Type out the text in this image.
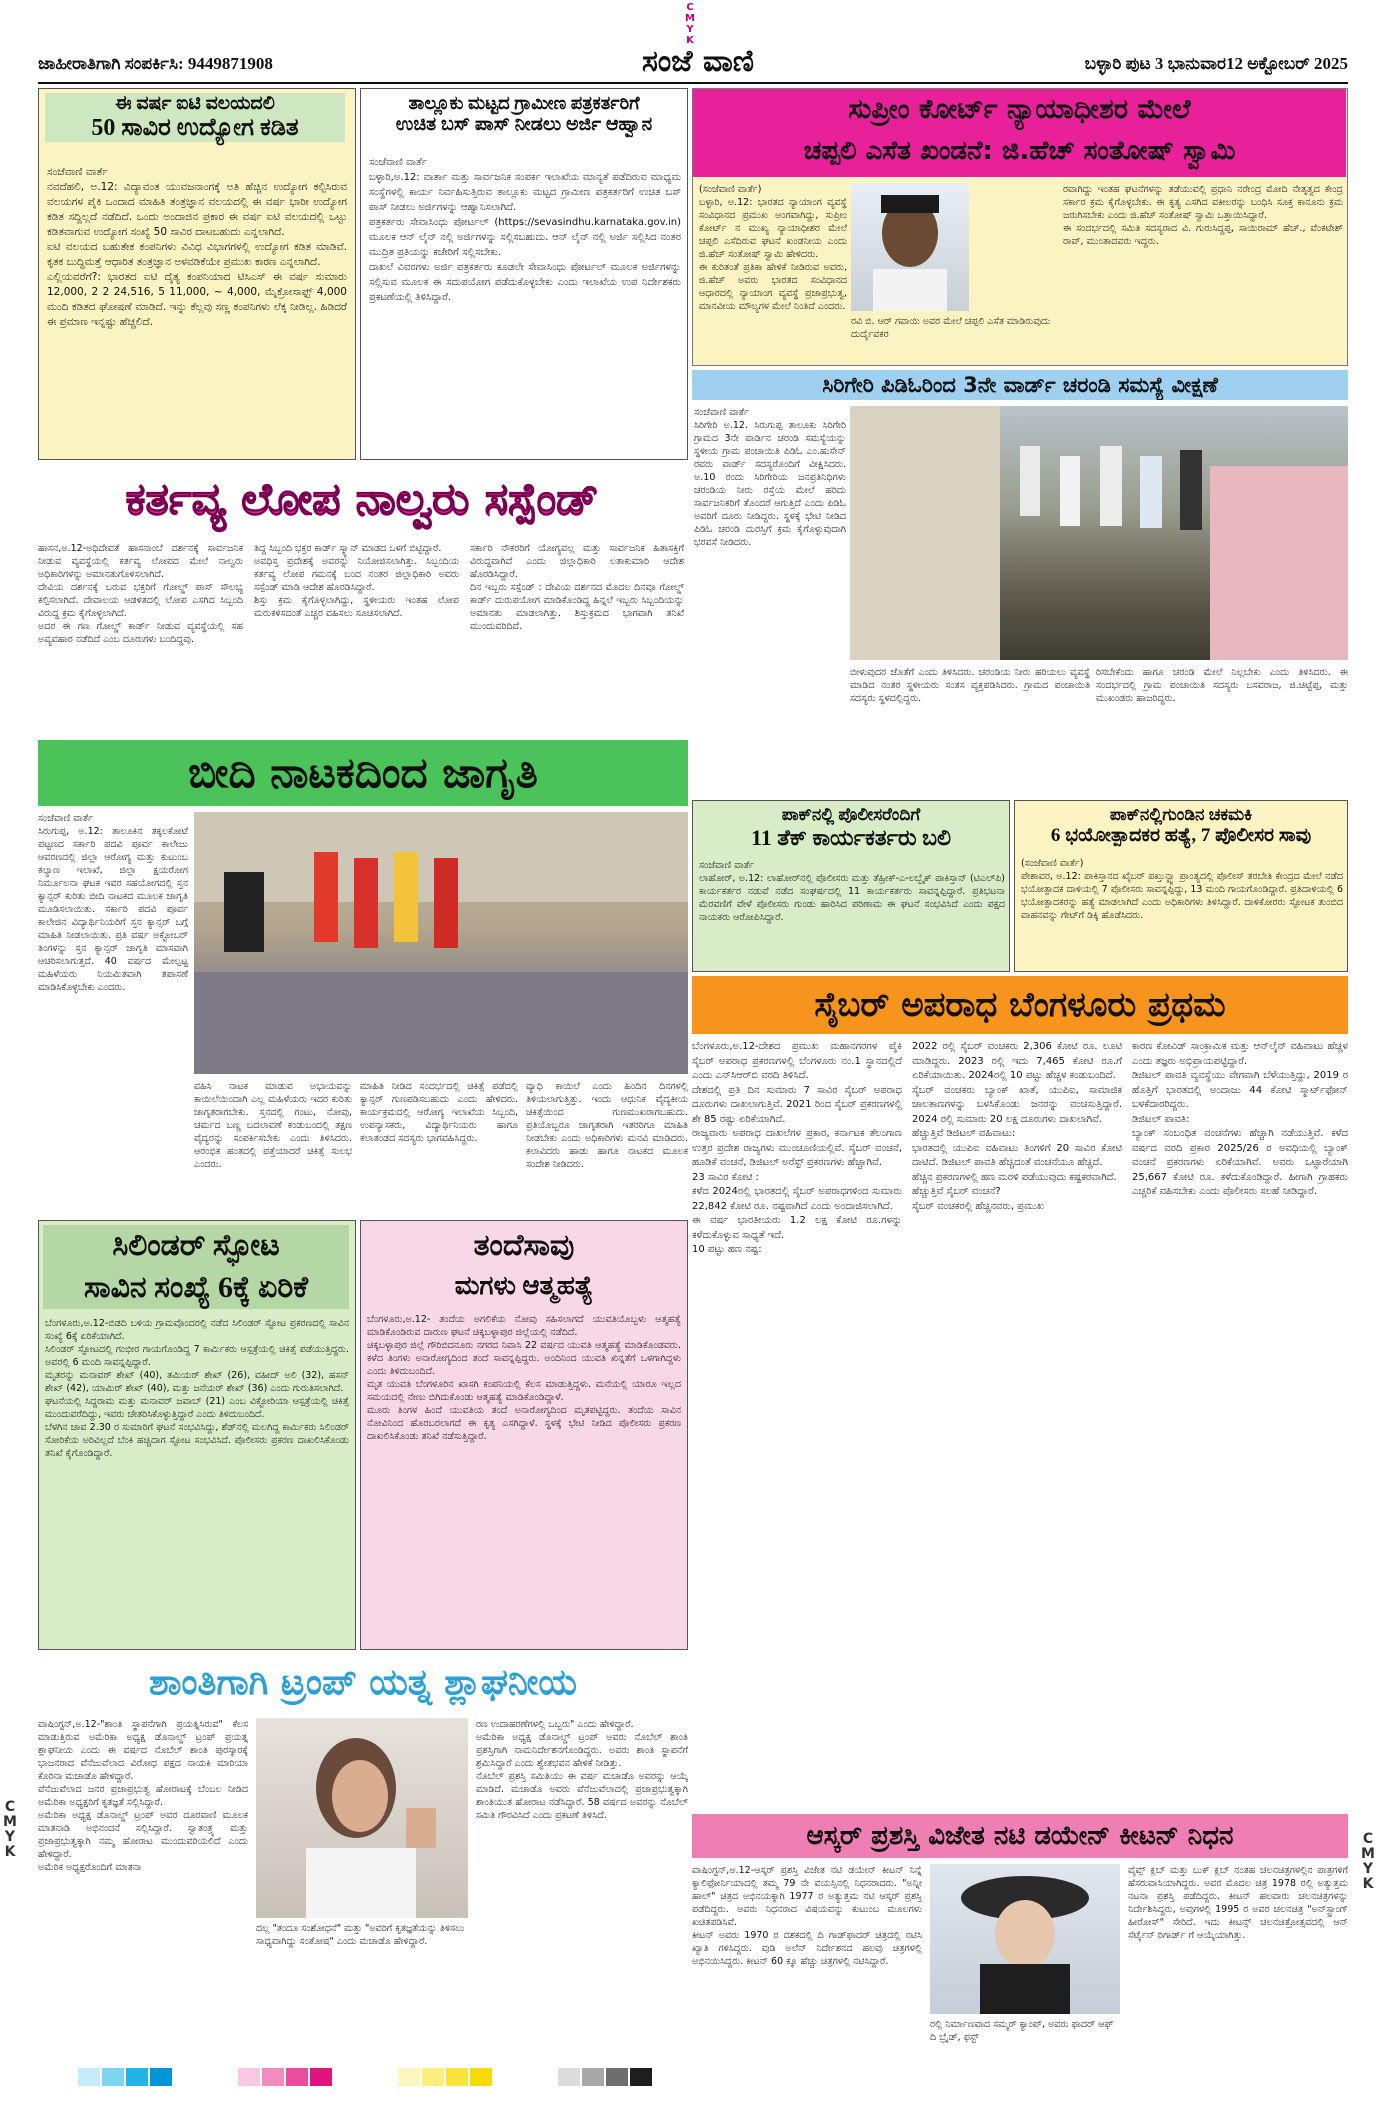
C
M
Y
K
C
M
Y
K
C
M
Y
K
ಜಾಹೀರಾತಿಗಾಗಿ ಸಂಪರ್ಕಿಸಿ: 9449871908	ಸಂಜೆ ವಾಣಿ	ಬಳ್ಳಾರಿ ಪುಟ 3 ಭಾನುವಾರ12 ಅಕ್ಟೋಬರ್ 2025
ಈ ವರ್ಷ ಐಟಿ ವಲಯದಲಿ
50 ಸಾವಿರ ಉದ್ಯೋಗ ಕಡಿತ
ಸಂಜೆವಾಣಿ ವಾರ್ತೆ
ನವದೆಹಲಿ, ಅ.12: ವಿದ್ಯಾವಂತ ಯುವಜನಾಂಗಕ್ಕೆ ಅತಿ ಹೆಚ್ಚಿನ ಉದ್ಯೋಗ ಕಲ್ಪಿಸಿರುವ ವಲಯಗಳ ಪೈಕಿ ಒಂದಾದ ಮಾಹಿತಿ ತಂತ್ರಜ್ಞಾನ ವಲಯದಲ್ಲಿ ಈ ವರ್ಷ ಭಾರೀ ಉದ್ಯೋಗ ಕಡಿತ ಸದ್ದಿಲ್ಲದೆ ನಡೆದಿದೆ. ಒಂದು ಅಂದಾಜಿನ ಪ್ರಕಾರ ಈ ವರ್ಷ ಐಟಿ ವಲಯದಲ್ಲಿ ಒಟ್ಟು ಕಡಿತವಾಗುವ ಉದ್ಯೋಗ ಸಂಖ್ಯೆ 50 ಸಾವಿರ ದಾಟಬಹುದು ಎನ್ನಲಾಗಿದೆ.
ಐಟಿ ವಲಯದ ಬಹುತೇಕ ಕಂಪನಿಗಳು ವಿವಿಧ ವಿಭಾಗಗಳಲ್ಲಿ ಉದ್ಯೋಗ ಕಡಿತ ಮಾಡಿವೆ. ಕೃತಕ ಬುದ್ಧಿಮತ್ತೆ ಆಧಾರಿತ ತಂತ್ರಜ್ಞಾನ ಅಳವಡಿಕೆಯೇ ಪ್ರಮುಖ ಕಾರಣ ಎನ್ನಲಾಗಿದೆ.
ಎಲ್ಲಿಯವರೆಗೆ?: ಭಾರತದ ಐಟಿ ದೈತ್ಯ ಕಂಪನಿಯಾದ ಟಿಸಿಎಸ್ ಈ ವರ್ಷ ಸುಮಾರು 12,000, 2 2 24,516, 5 11,000, ~ 4,000, ಮೈಕ್ರೋಸಾಫ್ಟ್ 4,000 ಮಂದಿ ಕಡಿತದ ಘೋಷಣೆ ಮಾಡಿದೆ. ಇನ್ನು ಕೆಲ್ಲವು ಸಣ್ಣ ಕಂಪನಿಗಳು ಲೆಕ್ಕ ನೀಡಿಲ್ಲ. ಹಿಡಿದರೆ ಈ ಪ್ರಮಾಣ ಇನ್ನಷ್ಟು ಹೆಚ್ಚಲಿದೆ.
ತಾಲ್ಲೂಕು ಮಟ್ಟದ ಗ್ರಾಮೀಣ ಪತ್ರಕರ್ತರಿಗೆ
ಉಚಿತ ಬಸ್ ಪಾಸ್ ನೀಡಲು ಅರ್ಜಿ ಆಹ್ವಾನ
ಸಂಜೆವಾಣಿ ವಾರ್ತೆ
ಬಳ್ಳಾರಿ,ಅ.12: ವಾರ್ತಾ ಮತ್ತು ಸಾರ್ವಜನಿಕ ಸಂಪರ್ಕ ಇಲಾಖೆಯ ಮಾನ್ಯತೆ ಪಡೆದಿರುವ ಮಾಧ್ಯಮ ಸಂಸ್ಥೆಗಳಲ್ಲಿ ಕಾರ್ಯ ನಿರ್ವಹಿಸುತ್ತಿರುವ ತಾಲ್ಲೂಕು ಮಟ್ಟದ ಗ್ರಾಮೀಣ ಪತ್ರಕರ್ತರಿಗೆ ಉಚಿತ ಬಸ್ ಪಾಸ್ ನೀಡಲು ಅರ್ಜಿಗಳನ್ನು ಆಹ್ವಾನಿಸಲಾಗಿದೆ.
ಪತ್ರಕರ್ತರು ಸೇವಾಸಿಂಧು ಪೋರ್ಟಲ್ (https://sevasindhu.karnataka.gov.in) ಮೂಲಕ ಆನ್ ಲೈನ್ ನಲ್ಲಿ ಅರ್ಜಿಗಳನ್ನು ಸಲ್ಲಿಸಬಹುದು. ಆನ್ ಲೈನ್ ನಲ್ಲಿ ಅರ್ಜಿ ಸಲ್ಲಿಸಿದ ನಂತರ ಮುದ್ರಿತ ಪ್ರತಿಯನ್ನು ಕಚೇರಿಗೆ ಸಲ್ಲಿಸಬೇಕು.
ದಾಖಲೆ ವಿವರಗಳು ಅರ್ಜಿ ಪತ್ರಕರ್ತರು ಕೂಡಲೇ ಸೇವಾಸಿಂಧು ಪೋರ್ಟಲ್ ಮೂಲಕ ಅರ್ಜಿಗಳನ್ನು ಸಲ್ಲಿಸುವ ಮೂಲಕ ಈ ಸದುಪಯೋಗ ಪಡೆದುಕೊಳ್ಳಬೇಕು ಎಂದು ಇಲಾಖೆಯ ಉಪ ನಿರ್ದೇಶಕರು ಪ್ರಕಟಣೆಯಲ್ಲಿ ತಿಳಿಸಿದ್ದಾರೆ.
ಸುಪ್ರೀಂ ಕೋರ್ಟ್ ನ್ಯಾಯಾಧೀಶರ ಮೇಲೆ
ಚಪ್ಪಲಿ ಎಸೆತ ಖಂಡನೆ: ಜಿ.ಹೆಚ್ ಸಂತೋಷ್ ಸ್ವಾಮಿ
(ಸಂಜೆವಾಣಿ ವಾರ್ತೆ)
ಬಳ್ಳಾರಿ, ಅ.12: ಭಾರತದ ನ್ಯಾಯಾಂಗ ವ್ಯವಸ್ಥೆ ಸಂವಿಧಾನದ ಪ್ರಮುಖ ಅಂಗವಾಗಿದ್ದು, ಸುಪ್ರೀಂ ಕೋರ್ಟ್ ನ ಮುಖ್ಯ ನ್ಯಾಯಾಧೀಶರ ಮೇಲೆ ಚಪ್ಪಲಿ ಎಸೆದಿರುವ ಘಟನೆ ಖಂಡನೀಯ ಎಂದು ಜಿ.ಹೆಚ್ ಸಂತೋಷ್ ಸ್ವಾಮಿ ಹೇಳಿದರು.
ಈ ಕುರಿತಂತೆ ಪ್ರತಿಕಾ ಹೇಳಿಕೆ ನೀಡಿರುವ ಅವರು, ಜಿ.ಹೆಚ್ ಅವರು ಭಾರತದ ಸಂವಿಧಾನದ ಆಧಾರದಲ್ಲಿ ನ್ಯಾಯಾಂಗ ವ್ಯವಸ್ಥೆ ಪ್ರಜಾಪ್ರಭುತ್ವ, ಮಾನವೀಯ ಮೌಲ್ಯಗಳ ಮೇಲೆ ನಿಂತಿದೆ ಎಂದರು.
ರವಿ ಬಿ. ಆರ್ ಗವಾಯಿ ಅವರ ಮೇಲೆ ಚಪ್ಪಲಿ ಎಸೆತ ಮಾಡಿರುವುದು ದುರ್ದೈವಕರ
ರವಾಗಿದ್ದು ಇಂತಹ ಘಟನೆಗಳನ್ನು ತಡೆಯುವಲ್ಲಿ ಪ್ರಧಾನಿ ನರೇಂದ್ರ ಮೋದಿ ನೇತೃತ್ವದ ಕೇಂದ್ರ ಸರ್ಕಾರ ಕ್ರಮ ಕೈಗೊಳ್ಳಬೇಕು. ಈ ಕೃತ್ಯ ಎಸಗಿದ ವಕೀಲರನ್ನು ಬಂಧಿಸಿ ಸೂಕ್ತ ಕಾನೂನು ಕ್ರಮ ಜರುಗಿಸಬೇಕು ಎಂದು ಜಿ.ಹೆಚ್ ಸಂತೋಷ್ ಸ್ವಾಮಿ ಒತ್ತಾಯಿಸಿದ್ದಾರೆ.
ಈ ಸಂದರ್ಭದಲ್ಲಿ ಸಮಿತಿ ಸದಸ್ಯರಾದ ವಿ. ಗುರುಸಿದ್ದಪ್ಪ, ಸಾಯಿರಾಮ್ ಹೆಚ್., ವೆಂಕಟೇಶ್ ರಾವ್, ಮುಂತಾದವರು ಇದ್ದರು.
ಸಿರಿಗೇರಿ ಪಿಡಿಓರಿಂದ 3ನೇ ವಾರ್ಡ್ ಚರಂಡಿ ಸಮಸ್ಯೆ ವೀಕ್ಷಣೆ
ಸಂಜೆವಾಣಿ ವಾರ್ತೆ
ಸಿರಿಗೇರಿ ಅ.12. ಸಿರುಗುಪ್ಪ ತಾಲೂಕು ಸಿರಿಗೇರಿ ಗ್ರಾಮದ 3ನೇ ವಾರ್ಡಿನ ಚರಂಡಿ ಸಮಸ್ಯೆಯನ್ನು ಸ್ಥಳೀಯ ಗ್ರಾಮ ಪಂಚಾಯಿತಿ ಪಿಡಿಓ ಎಂ.ಹುಸೇನ್ ರವರು ವಾರ್ಡ್ ಸದಸ್ಯರೊಂದಿಗೆ ವೀಕ್ಷಿಸಿದರು. ಅ.10 ರಂದು ಸಿರಿಗೇರಿಯ ಜನಪ್ರತಿನಿಧಿಗಳು ಚರಂಡಿಯ ನೀರು ರಸ್ತೆಯ ಮೇಲೆ ಹರಿದು ಸಾರ್ವಜನಿಕರಿಗೆ ತೊಂದರೆ ಆಗುತ್ತಿದೆ ಎಂದು ಪಿಡಿಓ ಅವರಿಗೆ ದೂರು ನೀಡಿದ್ದರು. ಸ್ಥಳಕ್ಕೆ ಭೇಟಿ ನೀಡಿದ ಪಿಡಿಓ ಚರಂಡಿ ದುರಸ್ತಿಗೆ ಕ್ರಮ ಕೈಗೊಳ್ಳುವುದಾಗಿ ಭರವಸೆ ನೀಡಿದರು.
ಬೀಳುವುದರ ಜೊತೆಗೆ ಎಂದು ತಿಳಿಸಿದರು. ಚರಂಡಿಯ ನೀರು ಹರಿಯಲು ವ್ಯವಸ್ಥೆ ಮಾಡಿದ ನಂತರ ಸ್ಥಳೀಯರು ಸಂತಸ ವ್ಯಕ್ತಪಡಿಸಿದರು. ಗ್ರಾಮದ ಪಂಚಾಯಿತಿ ಸದಸ್ಯರು ಸ್ಥಳದಲ್ಲಿದ್ದರು.
ರಿಸಬೇಕೆಂದು ಹಾಗೂ ಚರಂಡಿ ಮೇಲೆ ನಿಲ್ಲಬೇಕು ಎಂದು ತಿಳಿಸಿದರು. ಈ ಸಂದರ್ಭದಲ್ಲಿ ಗ್ರಾಮ ಪಂಚಾಯಿತಿ ಸದಸ್ಯರು ಬಸವರಾಜ, ಜಿ.ಚಿಟ್ಟೆಪ್ಪ, ಮತ್ತು ಮುಖಂಡರು ಹಾಜರಿದ್ದರು.
ಕರ್ತವ್ಯ ಲೋಪ ನಾಲ್ವರು ಸಸ್ಪೆಂಡ್
ಹಾಸನ,ಅ.12-ಅಧಿದೇವತೆ ಹಾಸನಾಂಬೆ ದರ್ಶನಕ್ಕೆ ಸಾರ್ವಜನಿಕ ನೀಡುವ ವ್ಯವಸ್ಥೆಯಲ್ಲಿ ಕರ್ತವ್ಯ ಲೋಪದ ಮೇಲೆ ನಾಲ್ವರು ಅಧಿಕಾರಿಗಳನ್ನು ಅಮಾನತುಗೊಳಿಸಲಾಗಿದೆ.
ದೇವಿಯ ದರ್ಶನಕ್ಕೆ ಬರುವ ಭಕ್ತರಿಗೆ ಗೋಲ್ಡ್ ಪಾಸ್ ಸೌಲಭ್ಯ ಕಲ್ಪಿಸಲಾಗಿದೆ. ದೇವಾಲಯ ಆಡಳಿತದಲ್ಲಿ ಲೋಪ ಎಸಗಿದ ಸಿಬ್ಬಂದಿ ವಿರುದ್ಧ ಕ್ರಮ ಕೈಗೊಳ್ಳಲಾಗಿದೆ.
ಅದರ ಈ ಗಣ ಗೋಲ್ಡ್ ಕಾರ್ಡ್ ನೀಡುವ ವ್ಯವಸ್ಥೆಯಲ್ಲಿ ಸಹ ಅವ್ಯವಹಾರ ನಡೆದಿದೆ ಎಂಬ ದೂರುಗಳು ಬಂದಿದ್ದವು.
ತಿದ್ದ ಸಿಬ್ಬಂದಿ ಭಕ್ತರ ಕಾರ್ಡ್ ಸ್ಕ್ಯಾನ್ ಮಾಡದ ಒಳಗೆ ಬಿಟ್ಟಿದ್ದಾರೆ.
ಅವಧಿಸ್ತ ಪ್ರದೇಶಕ್ಕೆ ಅವರನ್ನು ನಿಯೋಜಿಸಲಾಗಿತ್ತು. ಸಿಬ್ಬಂದಿಯ ಕರ್ತವ್ಯ ಲೋಪ ಗಮನಕ್ಕೆ ಬಂದ ನಂತರ ಜಿಲ್ಲಾಧಿಕಾರಿ ಅವರು ಸಸ್ಪೆಂಡ್ ಮಾಡಿ ಆದೇಶ ಹೊರಡಿಸಿದ್ದಾರೆ.
ಶಿಸ್ತು ಕ್ರಮ ಕೈಗೊಳ್ಳಲಾಗಿದ್ದು, ಸ್ಥಳೀಯರು ಇಂತಹ ಲೋಪ ಮರುಕಳಿಸದಂತೆ ಎಚ್ಚರ ವಹಿಸಲು ಸೂಚಿಸಲಾಗಿದೆ.
ಸರ್ಕಾರಿ ನೌಕರರಿಗೆ ಯೋಗ್ಯವಲ್ಲ ಮತ್ತು ಸಾರ್ವಜನಿಕ ಹಿತಾಸಕ್ತಿಗೆ ವಿರುದ್ಧವಾಗಿದೆ ಎಂದು ಜಿಲ್ಲಾಧಿಕಾರಿ ಲತಾಕುಮಾರಿ ಆದೇಶ ಹೊರಡಿಸಿದ್ದಾರೆ.
ದಿನ ಇಬ್ಬರು ಸಸ್ಪೆಂಡ್ : ದೇವಿಯ ದರ್ಶನದ ಮೊದಲ ದಿನವೂ ಗೋಲ್ಡ್ ಕಾರ್ಡ್ ದುರುಪಯೋಗ ಮಾಡಿಕೊಂಡಿದ್ದ ಹಿನ್ನಲೆ ಇಬ್ಬರು ಸಿಬ್ಬಂದಿಯನ್ನು ಅಮಾನತು ಮಾಡಲಾಗಿತ್ತು. ಶಿಸ್ತುಕ್ರಮದ ಭಾಗವಾಗಿ ತನಿಖೆ ಮುಂದುವರಿದಿದೆ.
ಬೀದಿ ನಾಟಕದಿಂದ ಜಾಗೃತಿ
ಸಂಜೆವಾಣಿ ವಾರ್ತೆ
ಸಿರುಗುಪ್ಪ, ಅ.12: ತಾಲೂಕಿನ ತಕ್ಕಲಕೋಟೆ ಪಟ್ಟಣದ ಸರ್ಕಾರಿ ಪದವಿ ಪೂರ್ವ ಕಾಲೇಜು ಆವರಣದಲ್ಲಿ ಜಿಲ್ಲಾ ಆರೋಗ್ಯ ಮತ್ತು ಕುಟುಂಬ ಕಲ್ಯಾಣ ಇಲಾಖೆ, ಜಿಲ್ಲಾ ಕ್ಷಯರೋಗ ನಿರ್ಮೂಲನಾ ಘಟಕ ಇವರ ಸಹಯೋಗದಲ್ಲಿ ಸ್ತನ ಕ್ಯಾನ್ಸರ್ ಕುರಿತು ಬೀದಿ ನಾಟಕದ ಮೂಲಕ ಜಾಗೃತಿ ಮೂಡಿಸಲಾಯಿತು. ಸರ್ಕಾರಿ ಪದವಿ ಪೂರ್ವ ಕಾಲೇಜಿನ ವಿದ್ಯಾರ್ಥಿನಿಯರಿಗೆ ಸ್ತನ ಕ್ಯಾನ್ಸರ್ ಬಗ್ಗೆ ಮಾಹಿತಿ ನೀಡಲಾಯಿತು. ಪ್ರತಿ ವರ್ಷ ಅಕ್ಟೋಬರ್ ತಿಂಗಳನ್ನು ಸ್ತನ ಕ್ಯಾನ್ಸರ್ ಜಾಗೃತಿ ಮಾಸವಾಗಿ ಆಚರಿಸಲಾಗುತ್ತದೆ. 40 ವರ್ಷದ ಮೇಲ್ಪಟ್ಟ ಮಹಿಳೆಯರು ನಿಯಮಿತವಾಗಿ ತಪಾಸಣೆ ಮಾಡಿಸಿಕೊಳ್ಳಬೇಕು ಎಂದರು.
ವಹಿಸಿ ನಾಟಕ ಮಾಡುವ ಅಭಾಯವನ್ನು ಕಾಯಿಲೆಯಿಂದಾಗಿ ಎಲ್ಲ ಮಹಿಳೆಯರು ಇದರ ಕುರಿತು ಜಾಗೃತರಾಗಬೇಕು. ಸ್ತನದಲ್ಲಿ ಗಂಟು, ನೋವು, ಚರ್ಮದ ಬಣ್ಣ ಬದಲಾವಣೆ ಕಂಡುಬಂದಲ್ಲಿ ತಕ್ಷಣ ವೈದ್ಯರನ್ನು ಸಂಪರ್ಕಿಸಬೇಕು ಎಂದು ತಿಳಿಸಿದರು. ಆರಂಭಿಕ ಹಂತದಲ್ಲಿ ಪತ್ತೆಯಾದರೆ ಚಿಕಿತ್ಸೆ ಸುಲಭ ಎಂದರು.
ಮಾಹಿತಿ ನೀಡಿದ ಸಂದರ್ಭದಲ್ಲಿ ಚಿಕಿತ್ಸೆ ಪಡೆದಲ್ಲಿ ಕ್ಯಾನ್ಸರ್ ಗುಣಪಡಿಸಬಹುದು ಎಂದು ಹೇಳಿದರು. ಕಾರ್ಯಕ್ರಮದಲ್ಲಿ ಆರೋಗ್ಯ ಇಲಾಖೆಯ ಸಿಬ್ಬಂದಿ, ಉಪನ್ಯಾಸಕರು, ವಿದ್ಯಾರ್ಥಿನಿಯರು ಹಾಗೂ ಕಲಾತಂಡದ ಸದಸ್ಯರು ಭಾಗವಹಿಸಿದ್ದರು.
ವ್ಯಾಧಿ ಕಾಯಿಲೆ ಎಂದು ಹಿಂದಿನ ದಿನಗಳಲ್ಲಿ ತಿಳಿಯಲಾಗುತ್ತಿತ್ತು. ಇಂದು ಆಧುನಿಕ ವೈದ್ಯಕೀಯ ಚಿಕಿತ್ಸೆಯಿಂದ ಗುಣಮುಖರಾಗಬಹುದು. ಪ್ರತಿಯೊಬ್ಬರೂ ಜಾಗೃತರಾಗಿ ಇತರರಿಗೂ ಮಾಹಿತಿ ನೀಡಬೇಕು ಎಂದು ಅಧಿಕಾರಿಗಳು ಮನವಿ ಮಾಡಿದರು. ಕಲಾವಿದರು ಹಾಡು ಹಾಗೂ ನಾಟಕದ ಮೂಲಕ ಸಂದೇಶ ನೀಡಿದರು.
ಪಾಕ್‌ನಲ್ಲಿ ಪೊಲೀಸರೆಂದಿಗೆ
11 ತೆಕ್ ಕಾರ್ಯಕರ್ತರು ಬಲಿ
ಸಂಜೆವಾಣಿ ವಾರ್ತೆ
ಲಾಹೋರ್, ಅ.12: ಲಾಹೋರ್‌ನಲ್ಲಿ ಪೊಲೀಸರು ಮತ್ತು ತೆಹ್ರೀಕ್-ಎ-ಲಬ್ಬೈಕ್ ಪಾಕಿಸ್ತಾನ್ (ಟಿಎಲ್‌ಪಿ) ಕಾರ್ಯಕರ್ತರ ನಡುವೆ ನಡೆದ ಸಂಘರ್ಷದಲ್ಲಿ 11 ಕಾರ್ಯಕರ್ತರು ಸಾವನ್ನಪ್ಪಿದ್ದಾರೆ. ಪ್ರತಿಭಟನಾ ಮೆರವಣಿಗೆ ವೇಳೆ ಪೊಲೀಸರು ಗುಂಡು ಹಾರಿಸಿದ ಪರಿಣಾಮ ಈ ಘಟನೆ ಸಂಭವಿಸಿದೆ ಎಂದು ಪಕ್ಷದ ನಾಯಕರು ಆರೋಪಿಸಿದ್ದಾರೆ.
ಪಾಕ್‌ನಲ್ಲಿಗುಂಡಿನ ಚಕಮಕಿ
6 ಭಯೋತ್ಪಾದಕರ ಹತ್ಯೆ, 7 ಪೊಲೀಸರ ಸಾವು
(ಸಂಜೆವಾಣಿ ವಾರ್ತೆ)
ಪೇಶಾವರ, ಅ.12: ಪಾಕಿಸ್ತಾನದ ಖೈಬರ್ ಪಖ್ತುನ್ಖ್ವಾ ಪ್ರಾಂತ್ಯದಲ್ಲಿ ಪೊಲೀಸ್ ತರಬೇತಿ ಕೇಂದ್ರದ ಮೇಲೆ ನಡೆದ ಭಯೋತ್ಪಾದಕ ದಾಳಿಯಲ್ಲಿ 7 ಪೊಲೀಸರು ಸಾವನ್ನಪ್ಪಿದ್ದು, 13 ಮಂದಿ ಗಾಯಗೊಂಡಿದ್ದಾರೆ. ಪ್ರತಿದಾಳಿಯಲ್ಲಿ 6 ಭಯೋತ್ಪಾದಕರನ್ನು ಹತ್ಯೆ ಮಾಡಲಾಗಿದೆ ಎಂದು ಅಧಿಕಾರಿಗಳು ತಿಳಿಸಿದ್ದಾರೆ. ದಾಳಿಕೋರರು ಸ್ಫೋಟಕ ತುಂಬಿದ ವಾಹನವನ್ನು ಗೇಟ್‌ಗೆ ಡಿಕ್ಕಿ ಹೊಡೆಸಿದರು.
ಸೈಬರ್ ಅಪರಾಧ ಬೆಂಗಳೂರು ಪ್ರಥಮ
ಬೆಂಗಳೂರು,ಅ.12-ದೇಶದ ಪ್ರಮುಖ ಮಹಾನಗರಗಳ ಪೈಕಿ ಸೈಬರ್ ಅಪರಾಧ ಪ್ರಕರಣಗಳಲ್ಲಿ ಬೆಂಗಳೂರು ನಂ.1 ಸ್ಥಾನದಲ್ಲಿದೆ ಎಂದು ಎನ್‌ಸಿಆರ್‌ಬಿ ವರದಿ ತಿಳಿಸಿದೆ.
ದೇಶದಲ್ಲಿ ಪ್ರತಿ ದಿನ ಸುಮಾರು 7 ಸಾವಿರ ಸೈಬರ್ ಅಪರಾಧ ದೂರುಗಳು ದಾಖಲಾಗುತ್ತಿವೆ. 2021 ರಿಂದ ಸೈಬರ್ ಪ್ರಕರಣಗಳಲ್ಲಿ ಶೇ 85 ರಷ್ಟು ಏರಿಕೆಯಾಗಿದೆ.
ರಾಜ್ಯವಾರು ಅಪರಾಧ ದಾಖಲೆಗಳ ಪ್ರಕಾರ, ಕರ್ನಾಟಕ ತೆಲಂಗಾಣ ಉತ್ತರ ಪ್ರದೇಶ ರಾಜ್ಯಗಳು ಮುಂಚೂಣಿಯಲ್ಲಿವೆ. ಸೈಬರ್ ವಂಚನೆ, ಹೂಡಿಕೆ ವಂಚನೆ, ಡಿಜಿಟಲ್ ಅರೆಸ್ಟ್ ಪ್ರಕರಣಗಳು ಹೆಚ್ಚಾಗಿವೆ.
23 ಸಾವಿರ ಕೋಟಿ :
ಕಳೆದ 2024ರಲ್ಲಿ ಭಾರತದಲ್ಲಿ ಸೈಬರ್ ಅಪರಾಧಗಳಿಂದ ಸುಮಾರು 22,842 ಕೋಟಿ ರೂ. ನಷ್ಟವಾಗಿದೆ ಎಂದು ಅಂದಾಜಿಸಲಾಗಿದೆ.
ಈ ವರ್ಷ ಭಾರತೀಯರು 1.2 ಲಕ್ಷ ಕೋಟಿ ರೂ.ಗಳನ್ನು ಕಳೆದುಕೊಳ್ಳುವ ಸಾಧ್ಯತೆ ಇದೆ.
10 ಪಟ್ಟು ಹಣ ನಷ್ಟ:
2022 ರಲ್ಲಿ ಸೈಬರ್ ವಂಚಕರು 2,306 ಕೋಟಿ ರೂ. ಲೂಟಿ ಮಾಡಿದ್ದರು. 2023 ರಲ್ಲಿ ಇದು 7,465 ಕೋಟಿ ರೂ.ಗೆ ಏರಿಕೆಯಾಯಿತು. 2024ರಲ್ಲಿ 10 ಪಟ್ಟು ಹೆಚ್ಚಳ ಕಂಡುಬಂದಿದೆ.
ಸೈಬರ್ ವಂಚಕರು ಬ್ಯಾಂಕ್ ಖಾತೆ, ಯುಪಿಐ, ಸಾಮಾಜಿಕ ಜಾಲತಾಣಗಳನ್ನು ಬಳಸಿಕೊಂಡು ಜನರನ್ನು ವಂಚಿಸುತ್ತಿದ್ದಾರೆ. 2024 ರಲ್ಲಿ ಸುಮಾರು 20 ಲಕ್ಷ ದೂರುಗಳು ದಾಖಲಾಗಿವೆ.
ಹೆಚ್ಚುತ್ತಿವೆ ಡಿಜಿಟಲ್ ವಹಿವಾಟು:
ಭಾರತದಲ್ಲಿ ಯುಪಿಐ ವಹಿವಾಟು ತಿಂಗಳಿಗೆ 20 ಸಾವಿರ ಕೋಟಿ ದಾಟಿದೆ. ಡಿಜಿಟಲ್ ಪಾವತಿ ಹೆಚ್ಚಿದಂತೆ ವಂಚನೆಯೂ ಹೆಚ್ಚಿದೆ.
ಹೆಚ್ಚಿನ ಪ್ರಕರಣಗಳಲ್ಲಿ ಹಣ ಮರಳಿ ಪಡೆಯುವುದು ಕಷ್ಟಕರವಾಗಿದೆ.
ಹೆಚ್ಚುತ್ತಿವೆ ಸೈಬರ್ ವಂಚನೆ?
ಸೈಬರ್ ವಂಚಕರಲ್ಲಿ ಹೆಚ್ಚಿನವರು, ಪ್ರಮುಖ
ಕಾರಣ ಕೋವಿಡ್ ಸಾಂಕ್ರಾಮಿಕ ಮತ್ತು ಆನ್‌ಲೈನ್ ವಹಿವಾಟು ಹೆಚ್ಚಳ ಎಂದು ತಜ್ಞರು ಅಭಿಪ್ರಾಯಪಟ್ಟಿದ್ದಾರೆ.
ಡಿಜಿಟಲ್ ಪಾವತಿ ವ್ಯವಸ್ಥೆಯು ವೇಗವಾಗಿ ಬೆಳೆಯುತ್ತಿದ್ದು, 2019 ರ ಹೊತ್ತಿಗೆ ಭಾರತದಲ್ಲಿ ಅಂದಾಜು 44 ಕೋಟಿ ಸ್ಮಾರ್ಟ್‌ಫೋನ್ ಬಳಕೆದಾರರಿದ್ದರು.
ಡಿಜಿಟಲ್ ಪಾವತಿ:
ಬ್ಯಾಂಕ್ ಸಂಬಂಧಿತ ವಂಚನೆಗಳು ಹೆಚ್ಚಾಗಿ ನಡೆಯುತ್ತಿವೆ. ಕಳೆದ ವರ್ಷದ ವರದಿ ಪ್ರಕಾರ 2025/26 ರ ಅವಧಿಯಲ್ಲಿ ಬ್ಯಾಂಕ್ ವಂಚನೆ ಪ್ರಕರಣಗಳು ಏರಿಕೆಯಾಗಿವೆ. ಅವರು ಒಟ್ಟಾರೆಯಾಗಿ 25,667 ಕೋಟಿ ರೂ. ಕಳೆದುಕೊಂಡಿದ್ದಾರೆ. ಹೀಗಾಗಿ ಗ್ರಾಹಕರು ಎಚ್ಚರಿಕೆ ವಹಿಸಬೇಕು ಎಂದು ಪೊಲೀಸರು ಸಲಹೆ ನೀಡಿದ್ದಾರೆ.
ಸಿಲಿಂಡರ್ ಸ್ಫೋಟ
ಸಾವಿನ ಸಂಖ್ಯೆ 6ಕ್ಕೆ ಏರಿಕೆ
ಬೆಂಗಳೂರು,ಅ.12-ಬಿಡದಿ ಬಳಿಯ ಗ್ರಾಮವೊಂದರಲ್ಲಿ ನಡೆದ ಸಿಲಿಂಡರ್ ಸ್ಫೋಟ ಪ್ರಕರಣದಲ್ಲಿ ಸಾವಿನ ಸಂಖ್ಯೆ 6ಕ್ಕೆ ಏರಿಕೆಯಾಗಿದೆ.
ಸಿಲಿಂಡರ್ ಸ್ಫೋಟದಲ್ಲಿ ಗಂಭೀರ ಗಾಯಗೊಂಡಿದ್ದ 7 ಕಾರ್ಮಿಕರು ಆಸ್ಪತ್ರೆಯಲ್ಲಿ ಚಿಕಿತ್ಸೆ ಪಡೆಯುತ್ತಿದ್ದರು. ಅವರಲ್ಲಿ 6 ಮಂದಿ ಸಾವನ್ನಪ್ಪಿದ್ದಾರೆ.
ಮೃತರನ್ನು ಮನಾವರ್ ಶೇಖ್ (40), ತಮಿಯರ್ ಶೇಖ್ (26), ವಹೀದ್ ಅಲಿ (32), ಹಸನ್ ಶೇಖ್ (42), ಯಾಮಿರ್ ಶೇಖ್ (40), ಮತ್ತು ಜನೆಯರ್ ಶೇಖ್ (36) ಎಂದು ಗುರುತಿಸಲಾಗಿದೆ.
ಘಟನೆಯಲ್ಲಿ ಸಿದ್ದರಾಮ ಮತ್ತು ಮನಾವರ್ ಜವಾಬ್ (21) ಎಂಬ ವಿಕ್ಟೋರಿಯಾ ಆಸ್ಪತ್ರೆಯಲ್ಲಿ ಚಿಕಿತ್ಸೆ ಮುಂದುವರೆದಿದ್ದು, ಇವರು ಚೇತರಿಸಿಕೊಳ್ಳುತ್ತಿದ್ದಾರೆ ಎಂದು ತಿಳಿದುಬಂದಿದೆ.
ಬೆಳಗಿನ ಜಾವ 2.30 ರ ಸುಮಾರಿಗೆ ಘಟನೆ ಸಂಭವಿಸಿದ್ದು, ಶೆಡ್‌ನಲ್ಲಿ ಮಲಗಿದ್ದ ಕಾರ್ಮಿಕರು ಸಿಲಿಂಡರ್ ಸೋರಿಕೆಯ ಅರಿವಿಲ್ಲದೆ ಬೆಂಕಿ ಹಚ್ಚಿದಾಗ ಸ್ಫೋಟ ಸಂಭವಿಸಿದೆ. ಪೊಲೀಸರು ಪ್ರಕರಣ ದಾಖಲಿಸಿಕೊಂಡು ತನಿಖೆ ಕೈಗೊಂಡಿದ್ದಾರೆ.
ತಂದೆಸಾವು
ಮಗಳು ಆತ್ಮಹತ್ಯೆ
ಬೆಂಗಳೂರು,ಅ.12- ತಂದೆಯ ಅಗಲಿಕೆಯ ನೋವು ಸಹಿಸಲಾಗದೆ ಯುವತಿಯೊಬ್ಬಳು ಆತ್ಮಹತ್ಯೆ ಮಾಡಿಕೊಂಡಿರುವ ದಾರುಣ ಘಟನೆ ಚಿಕ್ಕಬಳ್ಳಾಪುರ ಜಿಲ್ಲೆಯಲ್ಲಿ ನಡೆದಿದೆ.
ಚಿಕ್ಕಬಳ್ಳಾಪುರ ಜಿಲ್ಲೆ ಗೌರಿಬಿದನೂರು ನಗರದ ನಿವಾಸಿ 22 ವರ್ಷದ ಯುವತಿ ಆತ್ಮಹತ್ಯೆ ಮಾಡಿಕೊಂಡವರು. ಕಳೆದ ತಿಂಗಳು ಅನಾರೋಗ್ಯದಿಂದ ತಂದೆ ಸಾವನ್ನಪ್ಪಿದ್ದರು. ಅಂದಿನಿಂದ ಯುವತಿ ಖಿನ್ನತೆಗೆ ಒಳಗಾಗಿದ್ದಳು ಎಂದು ತಿಳಿದುಬಂದಿದೆ.
ಮೃತ ಯುವತಿ ಬೆಂಗಳೂರಿನ ಖಾಸಗಿ ಕಂಪನಿಯಲ್ಲಿ ಕೆಲಸ ಮಾಡುತ್ತಿದ್ದಳು. ಮನೆಯಲ್ಲಿ ಯಾರೂ ಇಲ್ಲದ ಸಮಯದಲ್ಲಿ ನೇಣು ಬಿಗಿದುಕೊಂಡು ಆತ್ಮಹತ್ಯೆ ಮಾಡಿಕೊಂಡಿದ್ದಾಳೆ.
ಮೂರು ತಿಂಗಳ ಹಿಂದೆ ಯುವತಿಯ ತಂದೆ ಅನಾರೋಗ್ಯದಿಂದ ಮೃತಪಟ್ಟಿದ್ದರು. ತಂದೆಯ ಸಾವಿನ ನೋವಿನಿಂದ ಹೊರಬರಲಾಗದೆ ಈ ಕೃತ್ಯ ಎಸಗಿದ್ದಾಳೆ. ಸ್ಥಳಕ್ಕೆ ಭೇಟಿ ನೀಡಿದ ಪೊಲೀಸರು ಪ್ರಕರಣ ದಾಖಲಿಸಿಕೊಂಡು ತನಿಖೆ ನಡೆಸುತ್ತಿದ್ದಾರೆ.
ಶಾಂತಿಗಾಗಿ ಟ್ರಂಪ್ ಯತ್ನ ಶ್ಲಾಘನೀಯ
ವಾಷಿಂಗ್ಟನ್,ಅ.12-"ಶಾಂತಿ ಸ್ಥಾಪನೆಗಾಗಿ ಪ್ರಯತ್ನಿಸಿರುವ" ಕೆಲಸ ಮಾಡುತ್ತಿರುವ ಅಮೆರಿಕಾ ಅಧ್ಯಕ್ಷ ಡೊನಾಲ್ಡ್ ಟ್ರಂಪ್ ಪ್ರಯತ್ನ ಶ್ಲಾಘನೀಯ ಎಂದು ಈ ವರ್ಷದ ನೊಬೆಲ್ ಶಾಂತಿ ಪುರಸ್ಕಾರಕ್ಕೆ ಭಾಜನರಾದ ವೆನೆಜುವೆಲಾದ ವಿರೋಧ ಪಕ್ಷದ ನಾಯಕಿ ಮಾರಿಯಾ ಕೊರಿನಾ ಮಚಾಡೊ ಹೇಳಿದ್ದಾರೆ.
ವೆನೆಜುವೆಲಾದ ಜನರ ಪ್ರಜಾಪ್ರಭುತ್ವ ಹೋರಾಟಕ್ಕೆ ಬೆಂಬಲ ನೀಡಿದ ಅಮೆರಿಕಾ ಅಧ್ಯಕ್ಷರಿಗೆ ಕೃತಜ್ಞತೆ ಸಲ್ಲಿಸಿದ್ದಾರೆ.
ಅಮೆರಿಕಾ ಅಧ್ಯಕ್ಷ ಡೊನಾಲ್ಡ್ ಟ್ರಂಪ್ ಅವರ ದೂರವಾಣಿ ಮೂಲಕ ಮಾತನಾಡಿ ಅಭಿನಂದನೆ ಸಲ್ಲಿಸಿದ್ದಾರೆ. ಸ್ವಾತಂತ್ರ್ಯ ಮತ್ತು ಪ್ರಜಾಪ್ರಭುತ್ವಕ್ಕಾಗಿ ನಮ್ಮ ಹೋರಾಟ ಮುಂದುವರಿಯಲಿದೆ ಎಂದು ಹೇಳಿದ್ದಾರೆ.
ಅಮೆರಿಕ ಅಧ್ಯಕ್ಷರೊಂದಿಗೆ ಮಾತನಾ
ದಲ್ಲ "ತಂದೂ ಸಂಶೋಧನೆ" ಮತ್ತು "ಅವರಿಗೆ ಕೃತಜ್ಞತೆಯನ್ನು ತಿಳಿಸಲು ಸಾಧ್ಯವಾಗಿದ್ದು ಸಂತೋಷ" ಎಂದು ಮಚಾಡೊ ಹೇಳಿದ್ದಾರೆ.
ರಣ ಉದಾಹರಣೆಗಳಲ್ಲಿ ಒಬ್ಬರು" ಎಂದು ಹೇಳಿದ್ದಾರೆ.
ಅಮೆರಿಕಾ ಅಧ್ಯಕ್ಷ ಡೊನಾಲ್ಡ್ ಟ್ರಂಪ್ ಅವರು ನೊಬೆಲ್ ಶಾಂತಿ ಪ್ರಶಸ್ತಿಗಾಗಿ ನಾಮನಿರ್ದೇಶನಗೊಂಡಿದ್ದರು. ಅವರು ಶಾಂತಿ ಸ್ಥಾಪನೆಗೆ ಶ್ರಮಿಸಿದ್ದಾರೆ ಎಂದು ಶ್ವೇತಭವನ ಹೇಳಿಕೆ ನೀಡಿತ್ತು.
ನೊಬೆಲ್ ಪ್ರಶಸ್ತಿ ಸಮಿತಿಯು ಈ ವರ್ಷ ಮಚಾಡೊ ಅವರನ್ನು ಆಯ್ಕೆ ಮಾಡಿದೆ. ಮಚಾಡೊ ಅವರು ವೆನೆಜುವೆಲಾದಲ್ಲಿ ಪ್ರಜಾಪ್ರಭುತ್ವಕ್ಕಾಗಿ ಶಾಂತಿಯುತ ಹೋರಾಟ ನಡೆಸಿದ್ದಾರೆ. 58 ವರ್ಷದ ಅವರನ್ನು ನೊಬೆಲ್ ಸಮಿತಿ ಗೌರವಿಸಿದೆ ಎಂದು ಪ್ರಕಟಣೆ ತಿಳಿಸಿದೆ.
ಆಸ್ಕರ್ ಪ್ರಶಸ್ತಿ ವಿಜೇತ ನಟಿ ಡಯೇನ್ ಕೀಟನ್ ನಿಧನ
ವಾಷಿಂಗ್ಟನ್,ಅ.12-ಆಸ್ಕರ್ ಪ್ರಶಸ್ತಿ ವಿಜೇತ ನಟಿ ಡಯೇನ್ ಕೀಟನ್ ನಿನ್ನೆ ಕ್ಯಾಲಿಫೋರ್ನಿಯಾದಲ್ಲಿ ತಮ್ಮ 79 ನೇ ವಯಸ್ಸಿನಲ್ಲಿ ನಿಧನರಾದರು. "ಅನ್ನೀ ಹಾಲ್" ಚಿತ್ರದ ಅಭಿನಯಕ್ಕಾಗಿ 1977 ರ ಅತ್ಯುತ್ತಮ ನಟಿ ಆಸ್ಕರ್ ಪ್ರಶಸ್ತಿ ಪಡೆದಿದ್ದರು. ಅವರು ನಿಧನರಾದ ವಿಷಯವನ್ನು ಕುಟುಂಬ ಮೂಲಗಳು ಖಚಿತಪಡಿಸಿವೆ.
ಕೀಟನ್ ಅವರು 1970 ರ ದಶಕದಲ್ಲಿ ದಿ ಗಾಡ್‌ಫಾದರ್ ಚಿತ್ರದಲ್ಲಿ ನಟಿಸಿ ಖ್ಯಾತಿ ಗಳಿಸಿದ್ದರು. ವುಡಿ ಅಲೆನ್ ನಿರ್ದೇಶನದ ಹಲವು ಚಿತ್ರಗಳಲ್ಲಿ ಅಭಿನಯಿಸಿದ್ದರು. ಕೀಟನ್ 60 ಕ್ಕೂ ಹೆಚ್ಚು ಚಿತ್ರಗಳಲ್ಲಿ ನಟಿಸಿದ್ದಾರೆ.
ರಲ್ಲಿ ನಿರ್ಮಾಣವಾದ ಸಮ್ಮರ್ ಕ್ಯಾಂಪ್, ಅವರು ಫಾದರ್ ಆಫ್ ದಿ ಬ್ರೈಡ್, ಫಸ್ಟ್
ವೈವ್ಸ್ ಕ್ಲಬ್ ಮತ್ತು ಬುಕ್ ಕ್ಲಬ್ ನಂತಹ ಚಲನಚಿತ್ರಗಳಲ್ಲಿನ ಪಾತ್ರಗಳಿಗೆ ಹೆಸರುವಾಸಿಯಾಗಿದ್ದರು. ಅವರ ಮೊದಲ ಚಿತ್ರ 1978 ರಲ್ಲಿ ಅತ್ಯುತ್ತಮ ನಟನಾ ಪ್ರಶಸ್ತಿ ಪಡೆದಿದ್ದರು. ಕೀಟನ್ ಹಲವಾರು ಚಲನಚಿತ್ರಗಳನ್ನು ನಿರ್ದೇಶಿಸಿದ್ದರು, ಅವುಗಳಲ್ಲಿ 1995 ರ ಅವರ ಚಲನಚಿತ್ರ "ಅನ್‌ಸ್ಟ್ರಾಂಗ್ ಹೀರೋಸ್" ಸೇರಿದೆ. ಇದು ಕೀಟನ್ಸ್ ಚಲನಚಿತ್ರೋತ್ಸವದಲ್ಲಿ ಆನ್ ಸೆರ್ಟೈನ್ ರಿಗಾರ್ಡ್ ಗೆ ಆಯ್ಕೆಯಾಗಿತ್ತು.
